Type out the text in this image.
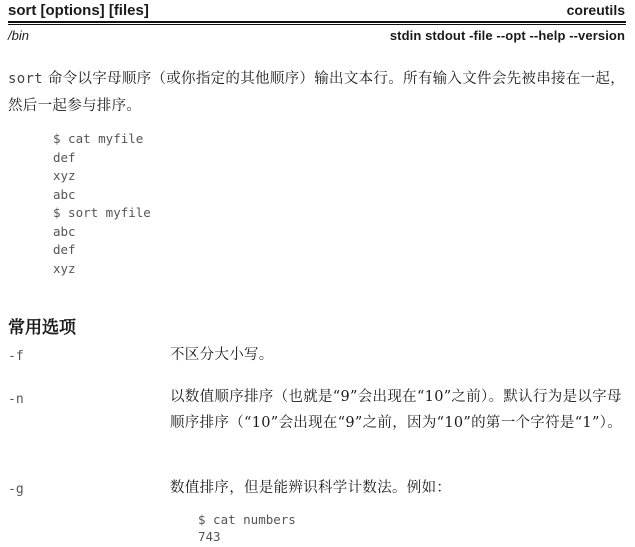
sort [options] [files]	coreutils
/bin	stdin stdout -file --opt --help --version

sort 命令以字母顺序（或你指定的其他顺序）输出文本行。所有输入文件会先被串接在一起，然后一起参与排序。

$ cat myfile
def
xyz
abc
$ sort myfile
abc
def
xyz
常用选项
-f	不区分大小写。
-n	以数值顺序排序（也就是“9”会出现在“10”之前）。默认行为是以字母顺序排序（“10”会出现在“9”之前，因为“10”的第一个字符是“1”）。
-g	数值排序，但是能辨识科学计数法。例如：
$ cat numbers
743
